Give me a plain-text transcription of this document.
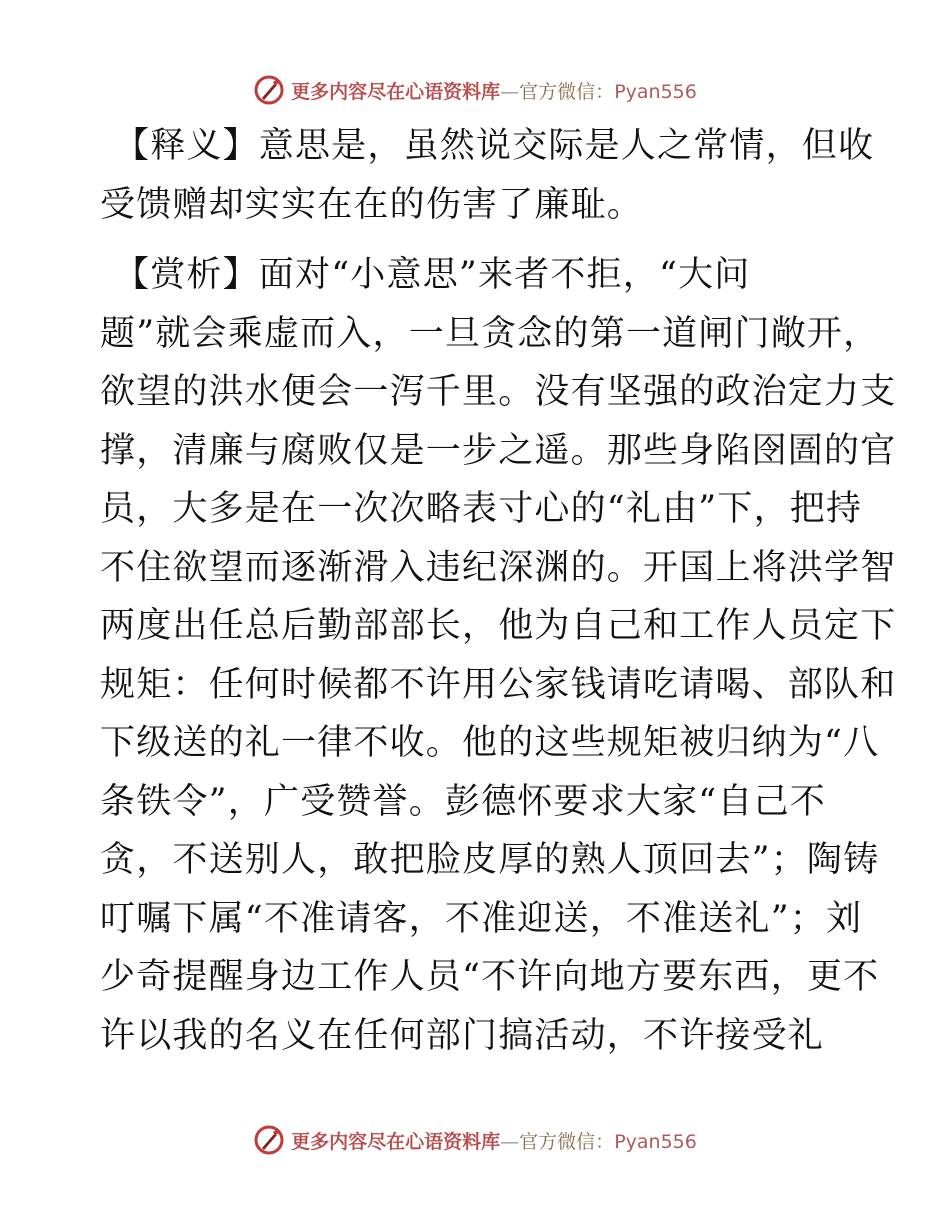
更多内容尽在心语资料库—官方微信：Pyan556
【释义】意思是，虽然说交际是人之常情，但收
受馈赠却实实在在的伤害了廉耻。
【赏析】面对“小意思”来者不拒，“大问
题”就会乘虚而入，一旦贪念的第一道闸门敞开，
欲望的洪水便会一泻千里。没有坚强的政治定力支
撑，清廉与腐败仅是一步之遥。那些身陷囹圄的官
员，大多是在一次次略表寸心的“礼由”下，把持
不住欲望而逐渐滑入违纪深渊的。开国上将洪学智
两度出任总后勤部部长，他为自己和工作人员定下
规矩：任何时候都不许用公家钱请吃请喝、部队和
下级送的礼一律不收。他的这些规矩被归纳为“八
条铁令”，广受赞誉。彭德怀要求大家“自己不
贪，不送别人，敢把脸皮厚的熟人顶回去”；陶铸
叮嘱下属“不准请客，不准迎送，不准送礼”；刘
少奇提醒身边工作人员“不许向地方要东西，更不
许以我的名义在任何部门搞活动，不许接受礼
更多内容尽在心语资料库—官方微信：Pyan556
